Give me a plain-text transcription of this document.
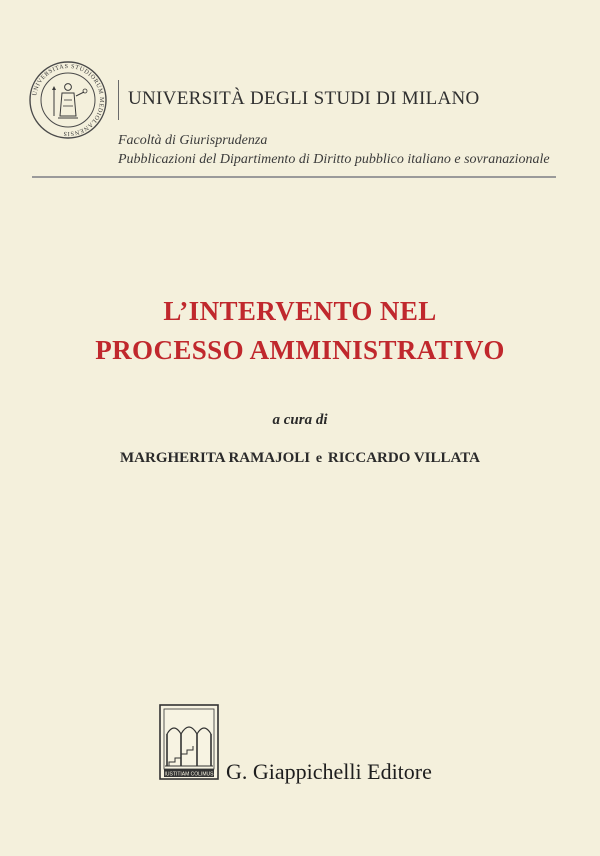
UNIVERSITAS STUDIORUM MEDIOLANENSIS
UNIVERSITÀ DEGLI STUDI DI MILANO
Facoltà di Giurisprudenza
Pubblicazioni del Dipartimento di Diritto pubblico italiano e sovranazionale
L’INTERVENTO NEL
PROCESSO AMMINISTRATIVO
a cura di
MARGHERITA RAMAJOLI e RICCARDO VILLATA
IUSTITIAM COLIMUS G. Giappichelli Editore
